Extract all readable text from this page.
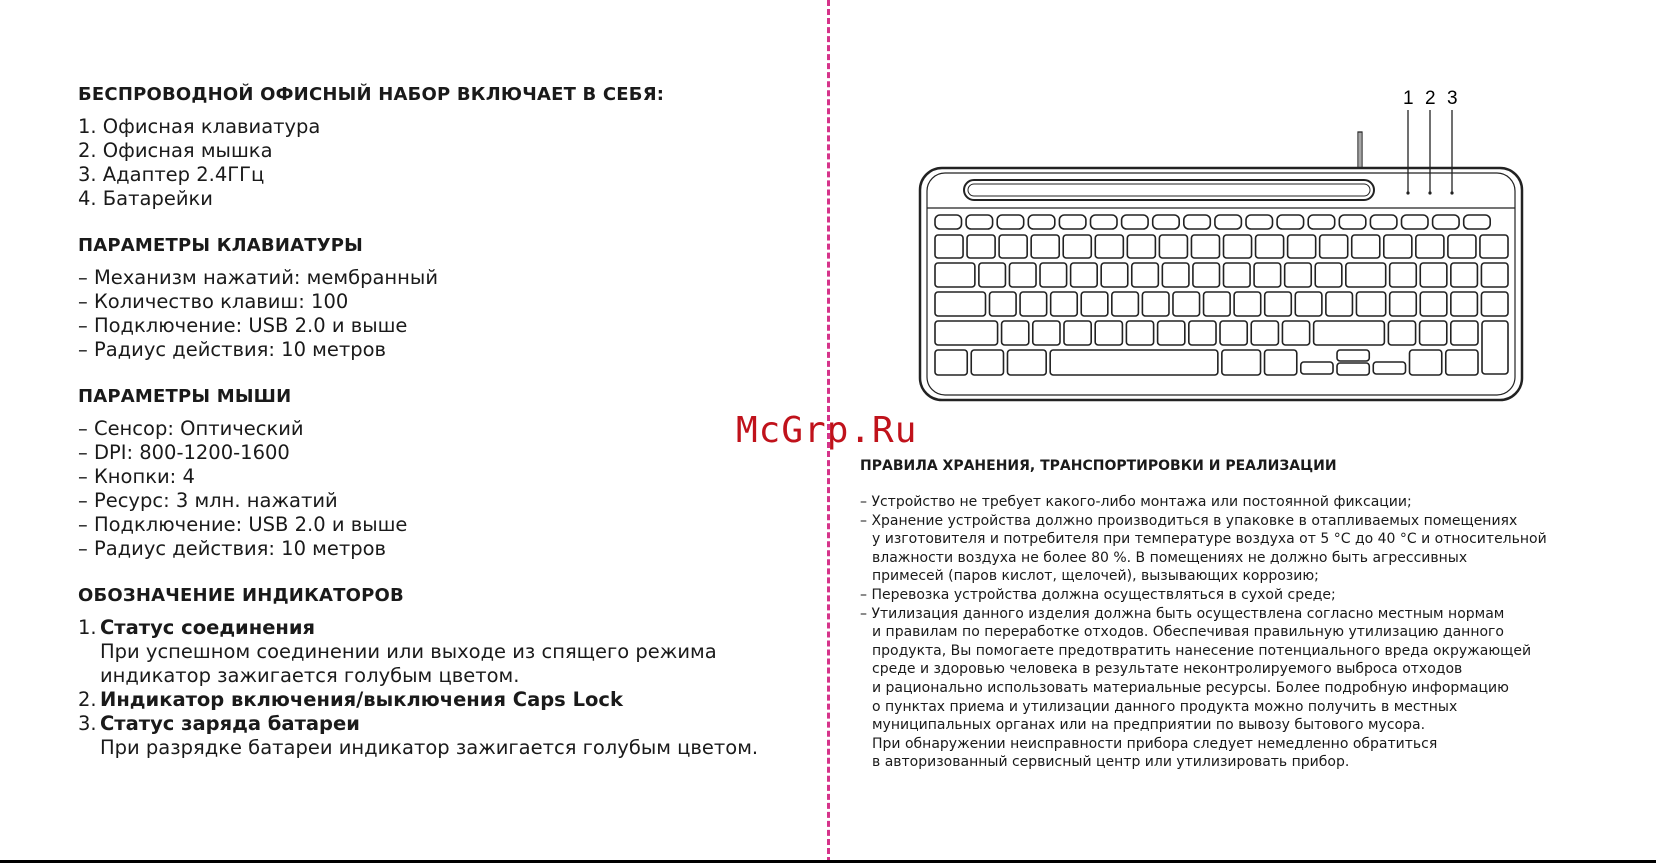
БЕСПРОВОДНОЙ ОФИСНЫЙ НАБОР ВКЛЮЧАЕТ В СЕБЯ:
1. Офисная клавиатура
2. Офисная мышка
3. Адаптер 2.4ГГц
4. Батарейки
ПАРАМЕТРЫ КЛАВИАТУРЫ
– Механизм нажатий: мембранный
– Количество клавиш: 100
– Подключение: USB 2.0 и выше
– Радиус действия: 10 метров
ПАРАМЕТРЫ МЫШИ
– Сенсор: Оптический
– DPI: 800-1200-1600
– Кнопки: 4
– Ресурс: 3 млн. нажатий
– Подключение: USB 2.0 и выше
– Радиус действия: 10 метров
ОБОЗНАЧЕНИЕ ИНДИКАТОРОВ
1. Статус соединения
При успешном соединении или выходе из спящего режима индикатор зажигается голубым цветом.
2. Индикатор включения/выключения Caps Lock
3. Статус заряда батареи
При разрядке батареи индикатор зажигается голубым цветом.
1 2 3
McGrp.Ru
ПРАВИЛА ХРАНЕНИЯ, ТРАНСПОРТИРОВКИ И РЕАЛИЗАЦИИ

– Устройство не требует какого-либо монтажа или постоянной фиксации;

– Хранение устройства должно производиться в упаковке в отапливаемых помещениях

у изготовителя и потребителя при температуре воздуха от 5 °С до 40 °С и относительной

влажности воздуха не более 80 %. В помещениях не должно быть агрессивных

примесей (паров кислот, щелочей), вызывающих коррозию;

– Перевозка устройства должна осуществляться в сухой среде;

– Утилизация данного изделия должна быть осуществлена согласно местным нормам

и правилам по переработке отходов. Обеспечивая правильную утилизацию данного

продукта, Вы помогаете предотвратить нанесение потенциального вреда окружающей

среде и здоровью человека в результате неконтролируемого выброса отходов

и рационально использовать материальные ресурсы. Более подробную информацию

о пунктах приема и утилизации данного продукта можно получить в местных

муниципальных органах или на предприятии по вывозу бытового мусора.

При обнаружении неисправности прибора следует немедленно обратиться

в авторизованный сервисный центр или утилизировать прибор.
